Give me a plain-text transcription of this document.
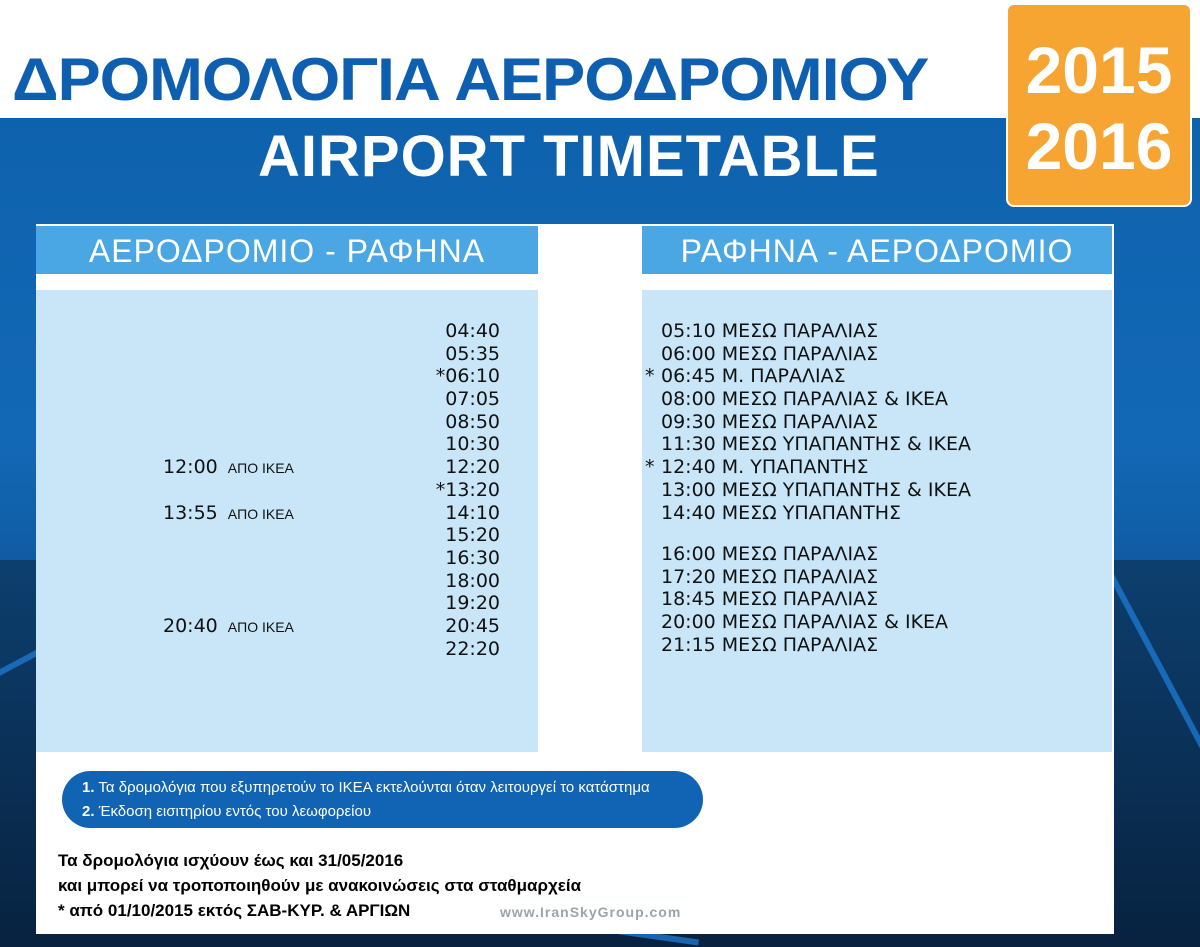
ΔΡΟΜΟΛΟΓΙΑ ΑΕΡΟΔΡΟΜΙΟΥ
AIRPORT TIMETABLE
2015
2016
ΑΕΡΟΔΡΟΜΙΟ - ΡΑΦΗΝΑ	ΡΑΦΗΝΑ - ΑΕΡΟΔΡΟΜΙΟ
04:40
05:35
*06:10
07:05
08:50
10:30
12:20
*13:20
14:10
15:20
16:30
18:00
19:20
20:45
22:20
12:00 ΑΠΟ ΙΚΕΑ
13:55 ΑΠΟ ΙΚΕΑ
20:40 ΑΠΟ ΙΚΕΑ
05:10 ΜΕΣΩ ΠΑΡΑΛΙΑΣ
06:00 ΜΕΣΩ ΠΑΡΑΛΙΑΣ
* 06:45 Μ. ΠΑΡΑΛΙΑΣ
08:00 ΜΕΣΩ ΠΑΡΑΛΙΑΣ & ΙΚΕΑ
09:30 ΜΕΣΩ ΠΑΡΑΛΙΑΣ
11:30 ΜΕΣΩ ΥΠΑΠΑΝΤΗΣ & ΙΚΕΑ
* 12:40 Μ. ΥΠΑΠΑΝΤΗΣ
13:00 ΜΕΣΩ ΥΠΑΠΑΝΤΗΣ & ΙΚΕΑ
14:40 ΜΕΣΩ ΥΠΑΠΑΝΤΗΣ
16:00 ΜΕΣΩ ΠΑΡΑΛΙΑΣ
17:20 ΜΕΣΩ ΠΑΡΑΛΙΑΣ
18:45 ΜΕΣΩ ΠΑΡΑΛΙΑΣ
20:00 ΜΕΣΩ ΠΑΡΑΛΙΑΣ & ΙΚΕΑ
21:15 ΜΕΣΩ ΠΑΡΑΛΙΑΣ
1. Τα δρομολόγια που εξυπηρετούν το ΙΚΕΑ εκτελούνται όταν λειτουργεί το κατάστημα
2. Έκδοση εισιτηρίου εντός του λεωφορείου
Τα δρομολόγια ισχύουν έως και 31/05/2016
και μπορεί να τροποποιηθούν με ανακοινώσεις στα σταθμαρχεία
* από 01/10/2015 εκτός ΣΑΒ-ΚΥΡ. & ΑΡΓΙΩΝ	www.IranSkyGroup.com
